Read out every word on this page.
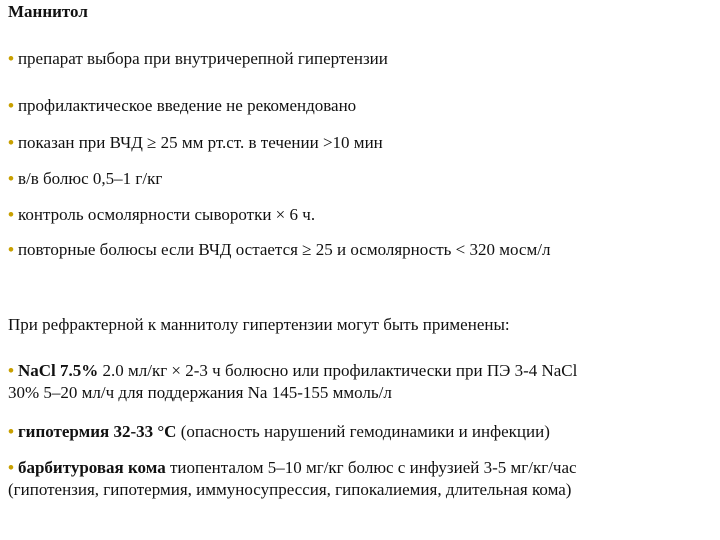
Маннитол
• препарат выбора при внутричерепной гипертензии
• профилактическое введение не рекомендовано
• показан при ВЧД ≥ 25 мм рт.ст. в течении >10 мин
• в/в болюс 0,5–1 г/кг
• контроль осмолярности сыворотки × 6 ч.
• повторные болюсы если ВЧД остается ≥ 25 и осмолярность < 320 мосм/л
При рефрактерной к маннитолу гипертензии могут быть применены:
• NaCl 7.5% 2.0 мл/кг × 2-3 ч болюсно или профилактически при ПЭ 3-4 NaCl
30% 5–20 мл/ч для поддержания Na 145-155 ммоль/л
• гипотермия 32-33 °С (опасность нарушений гемодинамики и инфекции)
• барбитуровая кома тиопенталом 5–10 мг/кг болюс с инфузией 3-5 мг/кг/час
(гипотензия, гипотермия, иммуносупрессия, гипокалиемия, длительная кома)
